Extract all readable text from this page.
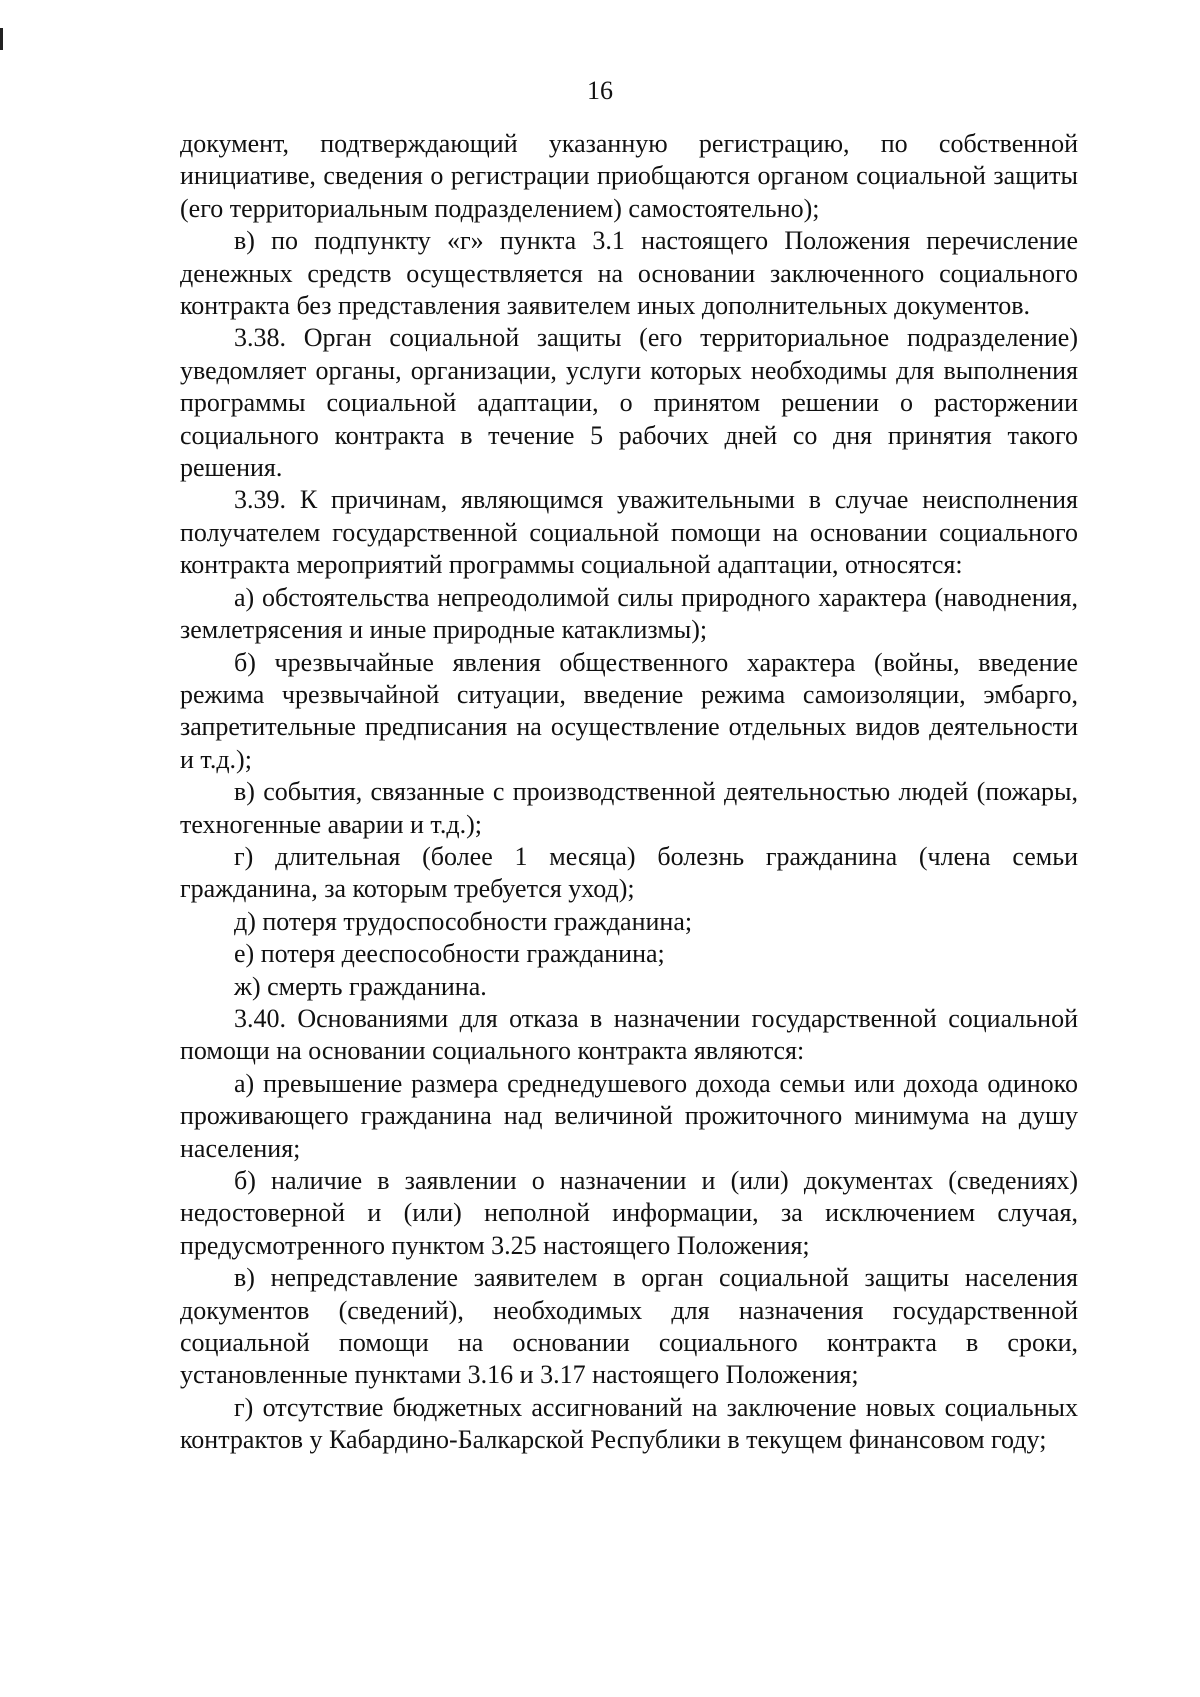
16

документ, подтверждающий указанную регистрацию, по собственной инициативе, сведения о регистрации приобщаются органом социальной защиты (его территориальным подразделением) самостоятельно);

в) по подпункту «г» пункта 3.1 настоящего Положения перечисление денежных средств осуществляется на основании заключенного социального контракта без представления заявителем иных дополнительных документов.

3.38. Орган социальной защиты (его территориальное подразделение) уведомляет органы, организации, услуги которых необходимы для выполнения программы социальной адаптации, о принятом решении о расторжении социального контракта в течение 5 рабочих дней со дня принятия такого решения.

3.39. К причинам, являющимся уважительными в случае неисполнения получателем государственной социальной помощи на основании социального контракта мероприятий программы социальной адаптации, относятся:

а) обстоятельства непреодолимой силы природного характера (наводнения, землетрясения и иные природные катаклизмы);

б) чрезвычайные явления общественного характера (войны, введение режима чрезвычайной ситуации, введение режима самоизоляции, эмбарго, запретительные предписания на осуществление отдельных видов деятельности и т.д.);

в) события, связанные с производственной деятельностью людей (пожары, техногенные аварии и т.д.);

г) длительная (более 1 месяца) болезнь гражданина (члена семьи гражданина, за которым требуется уход);

д) потеря трудоспособности гражданина;

е) потеря дееспособности гражданина;

ж) смерть гражданина.

3.40. Основаниями для отказа в назначении государственной социальной помощи на основании социального контракта являются:

а) превышение размера среднедушевого дохода семьи или дохода одиноко проживающего гражданина над величиной прожиточного минимума на душу населения;

б) наличие в заявлении о назначении и (или) документах (сведениях) недостоверной и (или) неполной информации, за исключением случая, предусмотренного пунктом 3.25 настоящего Положения;

в) непредставление заявителем в орган социальной защиты населения документов (сведений), необходимых для назначения государственной социальной помощи на основании социального контракта в сроки, установленные пунктами 3.16 и 3.17 настоящего Положения;

г) отсутствие бюджетных ассигнований на заключение новых социальных контрактов у Кабардино-Балкарской Республики в текущем финансовом году;
